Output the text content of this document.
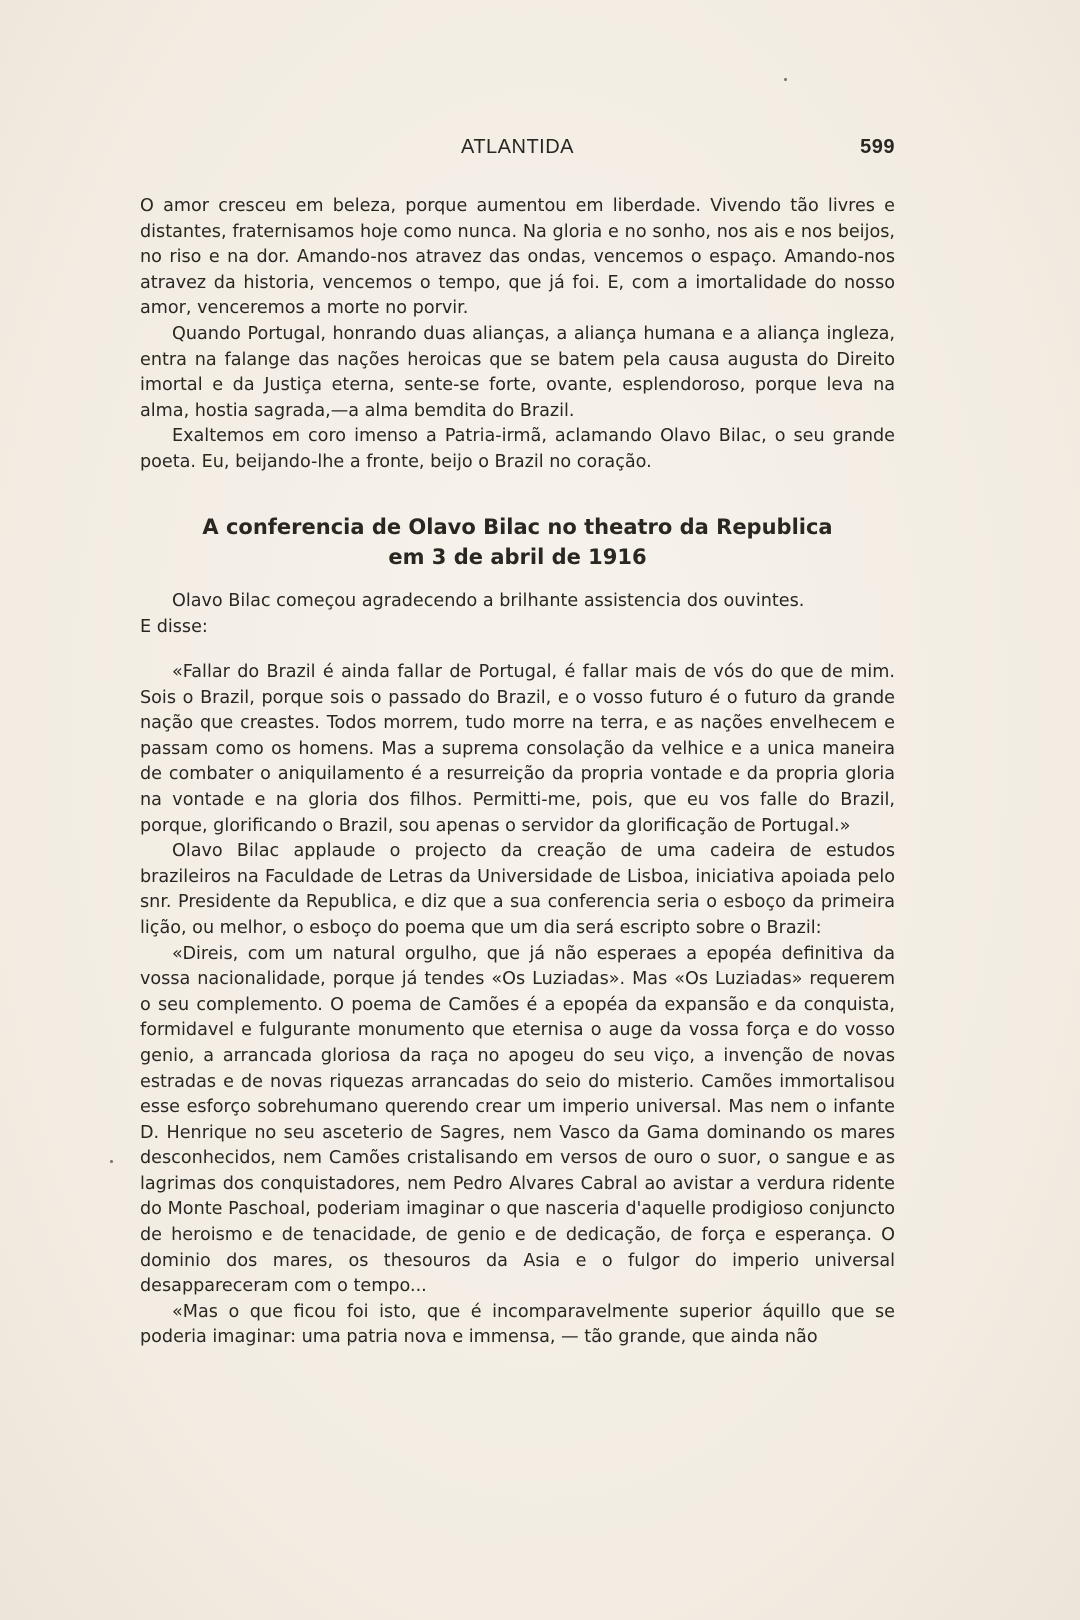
ATLANTIDA	599

O amor cresceu em beleza, porque aumentou em liberdade. Vivendo tão livres e distantes, fraternisamos hoje como nunca. Na gloria e no sonho, nos ais e nos beijos, no riso e na dor. Amando-nos atravez das ondas, vencemos o espaço. Amando-nos atravez da historia, vencemos o tempo, que já foi. E, com a imortalidade do nosso amor, venceremos a morte no porvir.

Quando Portugal, honrando duas alianças, a aliança humana e a aliança ingleza, entra na falange das nações heroicas que se batem pela causa augusta do Direito imortal e da Justiça eterna, sente-se forte, ovante, esplendoroso, porque leva na alma, hostia sagrada,—a alma bemdita do Brazil.

Exaltemos em coro imenso a Patria-irmã, aclamando Olavo Bilac, o seu grande poeta. Eu, beijando-lhe a fronte, beijo o Brazil no coração.

A conferencia de Olavo Bilac no theatro da Republica
em 3 de abril de 1916

Olavo Bilac começou agradecendo a brilhante assistencia dos ouvintes.

E disse:

«Fallar do Brazil é ainda fallar de Portugal, é fallar mais de vós do que de mim. Sois o Brazil, porque sois o passado do Brazil, e o vosso futuro é o futuro da grande nação que creastes. Todos morrem, tudo morre na terra, e as nações envelhecem e passam como os homens. Mas a suprema consolação da velhice e a unica maneira de combater o aniquilamento é a resurreição da propria vontade e da propria gloria na vontade e na gloria dos filhos. Permitti-me, pois, que eu vos falle do Brazil, porque, glorificando o Brazil, sou apenas o servidor da glorificação de Portugal.»

Olavo Bilac applaude o projecto da creação de uma cadeira de estudos brazileiros na Faculdade de Letras da Universidade de Lisboa, iniciativa apoiada pelo snr. Presidente da Republica, e diz que a sua conferencia seria o esboço da primeira lição, ou melhor, o esboço do poema que um dia será escripto sobre o Brazil:

«Direis, com um natural orgulho, que já não esperaes a epopéa definitiva da vossa nacionalidade, porque já tendes «Os Luziadas». Mas «Os Luziadas» requerem o seu complemento. O poema de Camões é a epopéa da expansão e da conquista, formidavel e fulgurante monumento que eternisa o auge da vossa força e do vosso genio, a arrancada gloriosa da raça no apogeu do seu viço, a invenção de novas estradas e de novas riquezas arrancadas do seio do misterio. Camões immortalisou esse esforço sobrehumano querendo crear um imperio universal. Mas nem o infante D. Henrique no seu asceterio de Sagres, nem Vasco da Gama dominando os mares desconhecidos, nem Camões cristalisando em versos de ouro o suor, o sangue e as lagrimas dos conquistadores, nem Pedro Alvares Cabral ao avistar a verdura ridente do Monte Paschoal, poderiam imaginar o que nasceria d'aquelle prodigioso conjuncto de heroismo e de tenacidade, de genio e de dedicação, de força e esperança. O dominio dos mares, os thesouros da Asia e o fulgor do imperio universal desappareceram com o tempo...

«Mas o que ficou foi isto, que é incomparavelmente superior áquillo que se poderia imaginar: uma patria nova e immensa, — tão grande, que ainda não
